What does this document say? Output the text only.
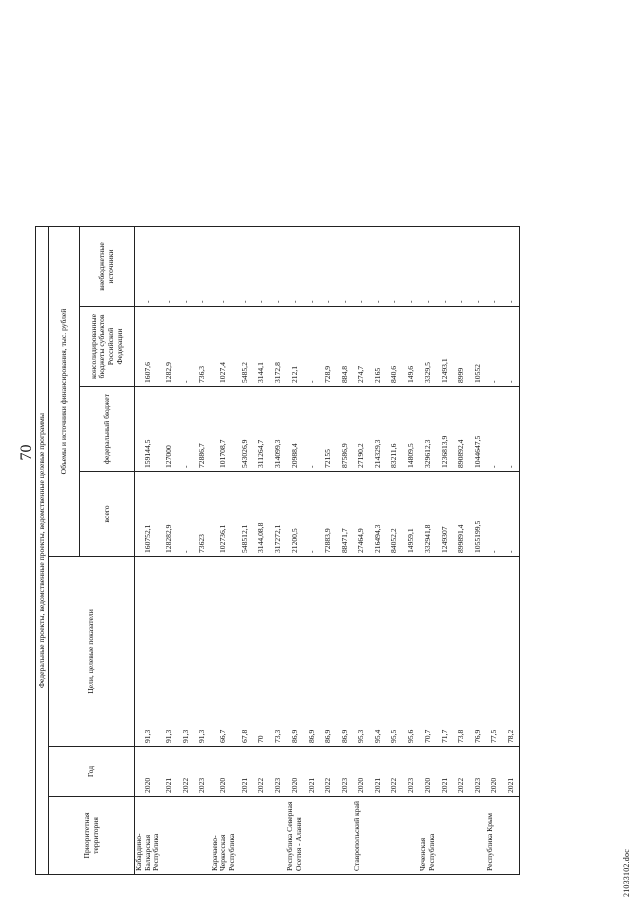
70 Федеральные проекты, ведомственные проекты, ведомственные целевые программы						
Приоритетная территория	Год	Цели, целевые показатели	Объемы и источники финансирования, тыс. рублей			
			всего	федеральный бюджет	консолидированные бюджеты субъектов Российской Федерации	внебюджетные источники
Кабардино-Балкарская Республика	2020	91,3	160752,1	159144,5	1607,6	-
	2021	91,3	128282,9	127000	1282,9	-
	2022	91,3	-	-	-	-
	2023	91,3	73623	72886,7	736,3	-
Карачаево-Черкесская Республика	2020	66,7	102736,1	101708,7	1027,4	-
	2021	67,8	548512,1	543026,9	5485,2	-
	2022	70	3144,08,8	311264,7	3144,1	-
	2023	73,3	317272,1	314099,3	3172,8	-
Республика Северная Осетия - Алания	2020	86,9	21200,5	20988,4	212,1	-
	2021	86,9	-	-	-	-
	2022	86,9	72883,9	72155	728,9	-
	2023	86,9	88471,7	87586,9	884,8	-
Ставропольский край	2020	95,3	27464,9	27190,2	274,7	-
	2021	95,4	216494,3	214329,3	2165	-
	2022	95,5	84052,2	83211,6	840,6	-
	2023	95,6	14959,1	14809,5	149,6	-
Чеченская Республика	2020	70,7	332941,8	329612,3	3329,5	-
	2021	71,7	1249307	1236813,9	12493,1	-
	2022	73,8	899891,4	890892,4	8999	-
	2023	76,9	1055199,5	1044647,5	10552	-
Республика Крым	2020	77,5	-	-	-	-
	2021	78,2	-	-	-	-
21033102.doc
